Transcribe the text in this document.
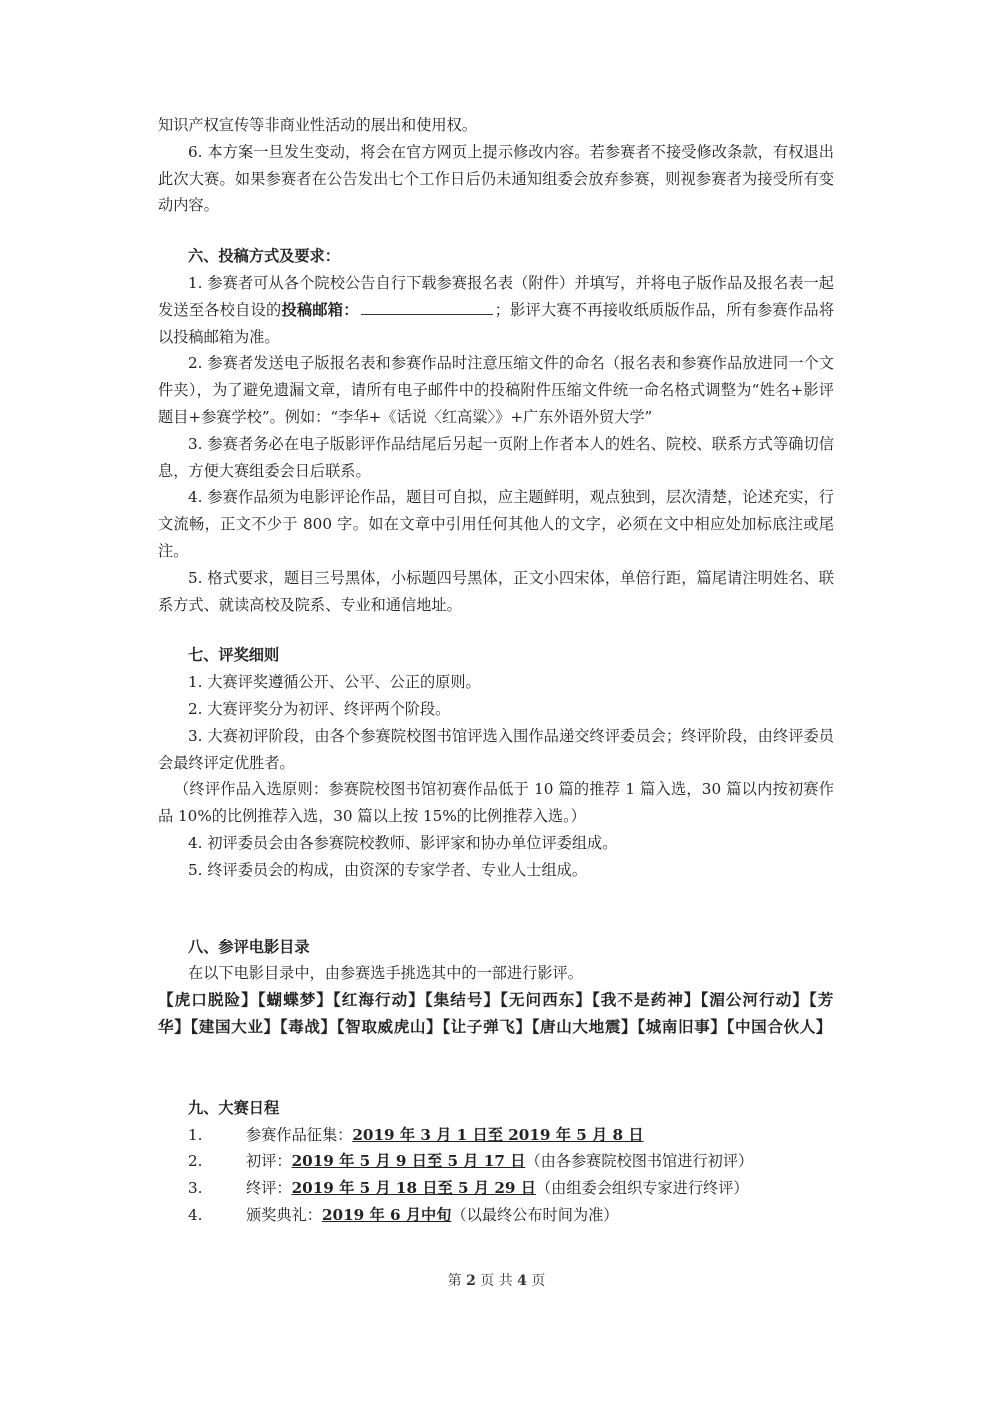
知识产权宣传等非商业性活动的展出和使用权。

6. 本方案一旦发生变动，将会在官方网页上提示修改内容。若参赛者不接受修改条款，有权退出此次大赛。如果参赛者在公告发出七个工作日后仍未通知组委会放弃参赛，则视参赛者为接受所有变动内容。

六、投稿方式及要求：

1. 参赛者可从各个院校公告自行下载参赛报名表（附件）并填写，并将电子版作品及报名表一起发送至各校自设的投稿邮箱：	；影评大赛不再接收纸质版作品，所有参赛作品将以投稿邮箱为准。

2. 参赛者发送电子版报名表和参赛作品时注意压缩文件的命名（报名表和参赛作品放进同一个文件夹），为了避免遗漏文章，请所有电子邮件中的投稿附件压缩文件统一命名格式调整为“姓名+影评题目+参赛学校”。例如：“李华+《话说〈红高粱〉》+广东外语外贸大学”

3. 参赛者务必在电子版影评作品结尾后另起一页附上作者本人的姓名、院校、联系方式等确切信息，方便大赛组委会日后联系。

4. 参赛作品须为电影评论作品，题目可自拟，应主题鲜明，观点独到，层次清楚，论述充实，行文流畅，正文不少于 800 字。如在文章中引用任何其他人的文字，必须在文中相应处加标底注或尾注。

5. 格式要求，题目三号黑体，小标题四号黑体，正文小四宋体，单倍行距，篇尾请注明姓名、联系方式、就读高校及院系、专业和通信地址。

七、评奖细则

1. 大赛评奖遵循公开、公平、公正的原则。

2. 大赛评奖分为初评、终评两个阶段。

3. 大赛初评阶段，由各个参赛院校图书馆评选入围作品递交终评委员会；终评阶段，由终评委员会最终评定优胜者。

（终评作品入选原则：参赛院校图书馆初赛作品低于 10 篇的推荐 1 篇入选，30 篇以内按初赛作品 10%的比例推荐入选，30 篇以上按 15%的比例推荐入选。）

4. 初评委员会由各参赛院校教师、影评家和协办单位评委组成。

5. 终评委员会的构成，由资深的专家学者、专业人士组成。

八、参评电影目录

在以下电影目录中，由参赛选手挑选其中的一部进行影评。

【虎口脱险】【蝴蝶梦】【红海行动】【集结号】【无问西东】【我不是药神】【湄公河行动】【芳华】【建国大业】【毒战】【智取威虎山】【让子弹飞】【唐山大地震】【城南旧事】【中国合伙人】

九、大赛日程

1.	参赛作品征集： 2019 年 3 月 1 日至 2019 年 5 月 8 日

2.	初评： 2019 年 5 月 9 日至 5 月 17 日 （由各参赛院校图书馆进行初评）

3.	终评： 2019 年 5 月 18 日至 5 月 29 日 （由组委会组织专家进行终评）

4.	颁奖典礼： 2019 年 6 月中旬 （以最终公布时间为准）

第 2 页 共 4 页
